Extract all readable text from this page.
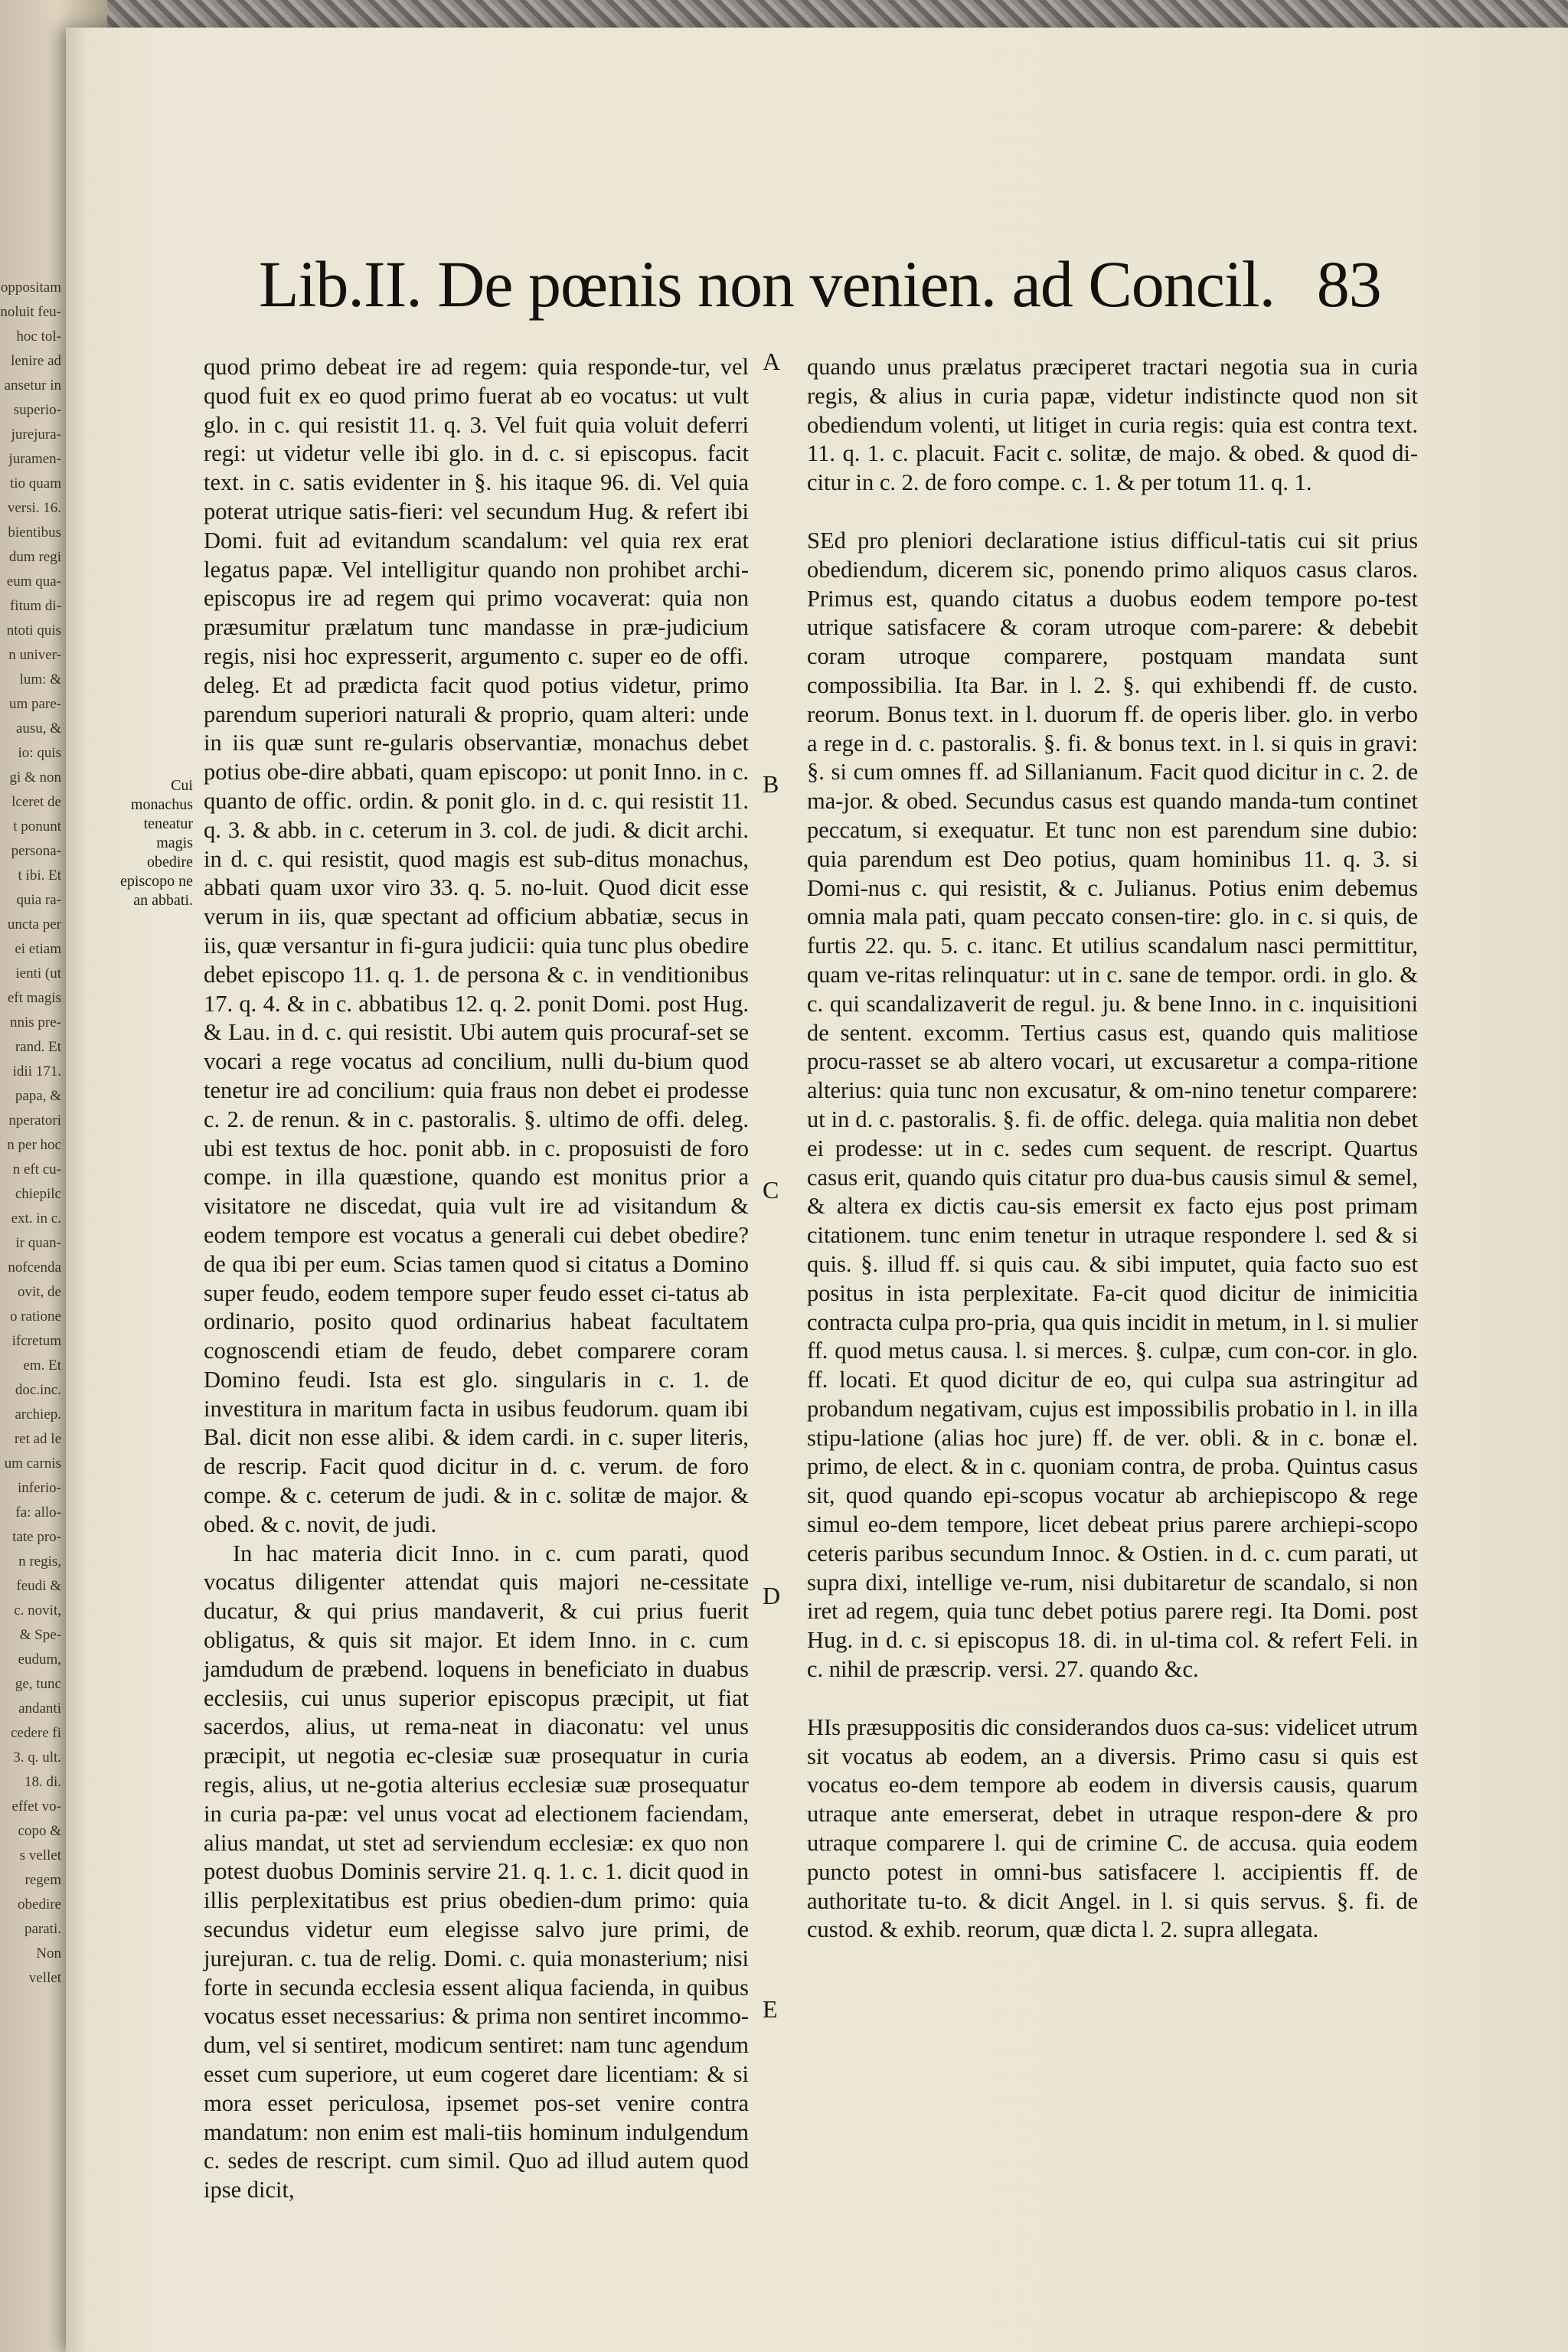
oppositam
noluit feu-
hoc tol-
lenire ad
ansetur in
superio-
jurejura-
juramen-
tio quam
versi. 16.
bientibus
dum regi
eum qua-
fitum di-
ntoti quis
n univer-
lum: &
um pare-
ausu, &
io: quis
gi & non
lceret de
t ponunt
persona-
t ibi. Et
quia ra-
uncta per
ei etiam
ienti (ut
eft magis
nnis pre-
rand. Et
idii 171.
papa, &
nperatori
n per hoc
n eft cu-
chiepilc
ext. in c.
ir quan-
nofcenda
ovit, de
o ratione
ifcretum
em. Et
doc.inc.
archiep.
ret ad le
um carnis
inferio-
fa: allo-
tate pro-
n regis,
feudi &
c. novit,
& Spe-
eudum,
ge, tunc
andanti
cedere fi
3. q. ult.
18. di.
effet vo-
copo &
s vellet
regem
obedire
parati.
Non
vellet
Lib.II. De pœnis non venien. ad Concil. 83
Cui monachus teneatur magis obedire episcopo ne an abbati.
A
B
C
D
E

quod primo debeat ire ad regem: quia responde-tur, vel quod fuit ex eo quod primo fuerat ab eo vocatus: ut vult glo. in c. qui resistit 11. q. 3. Vel fuit quia voluit deferri regi: ut videtur velle ibi glo. in d. c. si episcopus. facit text. in c. satis evidenter in §. his itaque 96. di. Vel quia poterat utrique satis-fieri: vel secundum Hug. & refert ibi Domi. fuit ad evitandum scandalum: vel quia rex erat legatus papæ. Vel intelligitur quando non prohibet archi-episcopus ire ad regem qui primo vocaverat: quia non præsumitur prælatum tunc mandasse in præ-judicium regis, nisi hoc expresserit, argumento c. super eo de offi. deleg. Et ad prædicta facit quod potius videtur, primo parendum superiori naturali & proprio, quam alteri: unde in iis quæ sunt re-gularis observantiæ, monachus debet potius obe-dire abbati, quam episcopo: ut ponit Inno. in c. quanto de offic. ordin. & ponit glo. in d. c. qui resistit 11. q. 3. & abb. in c. ceterum in 3. col. de judi. & dicit archi. in d. c. qui resistit, quod magis est sub-ditus monachus, abbati quam uxor viro 33. q. 5. no-luit. Quod dicit esse verum in iis, quæ spectant ad officium abbatiæ, secus in iis, quæ versantur in fi-gura judicii: quia tunc plus obedire debet episcopo 11. q. 1. de persona & c. in venditionibus 17. q. 4. & in c. abbatibus 12. q. 2. ponit Domi. post Hug. & Lau. in d. c. qui resistit. Ubi autem quis procuraf-set se vocari a rege vocatus ad concilium, nulli du-bium quod tenetur ire ad concilium: quia fraus non debet ei prodesse c. 2. de renun. & in c. pastoralis. §. ultimo de offi. deleg. ubi est textus de hoc. ponit abb. in c. proposuisti de foro compe. in illa quæstione, quando est monitus prior a visitatore ne discedat, quia vult ire ad visitandum & eodem tempore est vocatus a generali cui debet obedire? de qua ibi per eum. Scias tamen quod si citatus a Domino super feudo, eodem tempore super feudo esset ci-tatus ab ordinario, posito quod ordinarius habeat facultatem cognoscendi etiam de feudo, debet comparere coram Domino feudi. Ista est glo. singularis in c. 1. de investitura in maritum facta in usibus feudorum. quam ibi Bal. dicit non esse alibi. & idem cardi. in c. super literis, de rescrip. Facit quod dicitur in d. c. verum. de foro compe. & c. ceterum de judi. & in c. solitæ de major. & obed. & c. novit, de judi.

In hac materia dicit Inno. in c. cum parati, quod vocatus diligenter attendat quis majori ne-cessitate ducatur, & qui prius mandaverit, & cui prius fuerit obligatus, & quis sit major. Et idem Inno. in c. cum jamdudum de præbend. loquens in beneficiato in duabus ecclesiis, cui unus superior episcopus præcipit, ut fiat sacerdos, alius, ut rema-neat in diaconatu: vel unus præcipit, ut negotia ec-clesiæ suæ prosequatur in curia regis, alius, ut ne-gotia alterius ecclesiæ suæ prosequatur in curia pa-pæ: vel unus vocat ad electionem faciendam, alius mandat, ut stet ad serviendum ecclesiæ: ex quo non potest duobus Dominis servire 21. q. 1. c. 1. dicit quod in illis perplexitatibus est prius obedien-dum primo: quia secundus videtur eum elegisse salvo jure primi, de jurejuran. c. tua de relig. Domi. c. quia monasterium; nisi forte in secunda ecclesia essent aliqua facienda, in quibus vocatus esset necessarius: & prima non sentiret incommo-dum, vel si sentiret, modicum sentiret: nam tunc agendum esset cum superiore, ut eum cogeret dare licentiam: & si mora esset periculosa, ipsemet pos-set venire contra mandatum: non enim est mali-tiis hominum indulgendum c. sedes de rescript. cum simil. Quo ad illud autem quod ipse dicit,

quando unus prælatus præciperet tractari negotia sua in curia regis, & alius in curia papæ, videtur indistincte quod non sit obediendum volenti, ut litiget in curia regis: quia est contra text. 11. q. 1. c. placuit. Facit c. solitæ, de majo. & obed. & quod di-citur in c. 2. de foro compe. c. 1. & per totum 11. q. 1.

SEd pro pleniori declaratione istius difficul-tatis cui sit prius obediendum, dicerem sic, ponendo primo aliquos casus claros. Primus est, quando citatus a duobus eodem tempore po-test utrique satisfacere & coram utroque com-parere: & debebit coram utroque comparere, postquam mandata sunt compossibilia. Ita Bar. in l. 2. §. qui exhibendi ff. de custo. reorum. Bonus text. in l. duorum ff. de operis liber. glo. in verbo a rege in d. c. pastoralis. §. fi. & bonus text. in l. si quis in gravi: §. si cum omnes ff. ad Sillanianum. Facit quod dicitur in c. 2. de ma-jor. & obed. Secundus casus est quando manda-tum continet peccatum, si exequatur. Et tunc non est parendum sine dubio: quia parendum est Deo potius, quam hominibus 11. q. 3. si Domi-nus c. qui resistit, & c. Julianus. Potius enim debemus omnia mala pati, quam peccato consen-tire: glo. in c. si quis, de furtis 22. qu. 5. c. itanc. Et utilius scandalum nasci permittitur, quam ve-ritas relinquatur: ut in c. sane de tempor. ordi. in glo. & c. qui scandalizaverit de regul. ju. & bene Inno. in c. inquisitioni de sentent. excomm. Tertius casus est, quando quis malitiose procu-rasset se ab altero vocari, ut excusaretur a compa-ritione alterius: quia tunc non excusatur, & om-nino tenetur comparere: ut in d. c. pastoralis. §. fi. de offic. delega. quia malitia non debet ei prodesse: ut in c. sedes cum sequent. de rescript. Quartus casus erit, quando quis citatur pro dua-bus causis simul & semel, & altera ex dictis cau-sis emersit ex facto ejus post primam citationem. tunc enim tenetur in utraque respondere l. sed & si quis. §. illud ff. si quis cau. & sibi imputet, quia facto suo est positus in ista perplexitate. Fa-cit quod dicitur de inimicitia contracta culpa pro-pria, qua quis incidit in metum, in l. si mulier ff. quod metus causa. l. si merces. §. culpæ, cum con-cor. in glo. ff. locati. Et quod dicitur de eo, qui culpa sua astringitur ad probandum negativam, cujus est impossibilis probatio in l. in illa stipu-latione (alias hoc jure) ff. de ver. obli. & in c. bonæ el. primo, de elect. & in c. quoniam contra, de proba. Quintus casus sit, quod quando epi-scopus vocatur ab archiepiscopo & rege simul eo-dem tempore, licet debeat prius parere archiepi-scopo ceteris paribus secundum Innoc. & Ostien. in d. c. cum parati, ut supra dixi, intellige ve-rum, nisi dubitaretur de scandalo, si non iret ad regem, quia tunc debet potius parere regi. Ita Domi. post Hug. in d. c. si episcopus 18. di. in ul-tima col. & refert Feli. in c. nihil de præscrip. versi. 27. quando &c.

HIs præsuppositis dic considerandos duos ca-sus: videlicet utrum sit vocatus ab eodem, an a diversis. Primo casu si quis est vocatus eo-dem tempore ab eodem in diversis causis, quarum utraque ante emerserat, debet in utraque respon-dere & pro utraque comparere l. qui de crimine C. de accusa. quia eodem puncto potest in omni-bus satisfacere l. accipientis ff. de authoritate tu-to. & dicit Angel. in l. si quis servus. §. fi. de custod. & exhib. reorum, quæ dicta l. 2. supra allegata.
